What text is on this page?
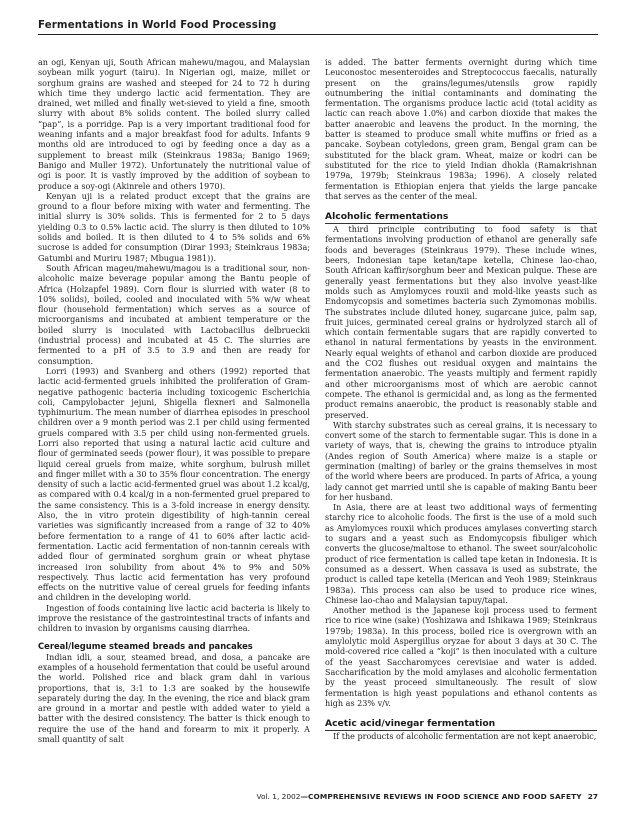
Fermentations in World Food Processing

an ogi, Kenyan uji, South African mahewu/magou, and Malaysian soybean milk yogurt (tairu). In Nigerian ogi, maize, millet or sorghum grains are washed and steeped for 24 to 72 h during which time they undergo lactic acid fermentation. They are drained, wet milled and finally wet-sieved to yield a fine, smooth slurry with about 8% solids content. The boiled slurry called “pap”, is a porridge. Pap is a very important traditional food for weaning infants and a major breakfast food for adults. Infants 9 months old are introduced to ogi by feeding once a day as a supplement to breast milk (Steinkraus 1983a; Banigo 1969; Banigo and Muller 1972). Unfortunately the nutritional value of ogi is poor. It is vastly improved by the addition of soybean to produce a soy-ogi (Akinrele and others 1970).

Kenyan uji is a related product except that the grains are ground to a flour before mixing with water and fermenting. The initial slurry is 30% solids. This is fermented for 2 to 5 days yielding 0.3 to 0.5% lactic acid. The slurry is then diluted to 10% solids and boiled. It is then diluted to 4 to 5% solids and 6% sucrose is added for consumption (Dirar 1993; Steinkraus 1983a; Gatumbi and Muriru 1987; Mbugua 1981)).

South African mageu/mahewu/magou is a traditional sour, non-alcoholic maize beverage popular among the Bantu people of Africa (Holzapfel 1989). Corn flour is slurried with water (8 to 10% solids), boiled, cooled and inoculated with 5% w/w wheat flour (household fermentation) which serves as a source of microorganisms and incubated at ambient temperature or the boiled slurry is inoculated with Lactobacillus delbrueckii (industrial process) and incubated at 45 C. The slurries are fermented to a pH of 3.5 to 3.9 and then are ready for consumption.

Lorri (1993) and Svanberg and others (1992) reported that lactic acid-fermented gruels inhibited the proliferation of Gram-negative pathogenic bacteria including toxicogenic Escherichia coli, Campylobacter jejuni, Shigella flexneri and Salmonella typhimurium. The mean number of diarrhea episodes in preschool children over a 9 month period was 2.1 per child using fermented gruels compared with 3.5 per child using non-fermented gruels. Lorri also reported that using a natural lactic acid culture and flour of germinated seeds (power flour), it was possible to prepare liquid cereal gruels from maize, white sorghum, bulrush millet and finger millet with a 30 to 35% flour concentration. The energy density of such a lactic acid-fermented gruel was about 1.2 kcal/g, as compared with 0.4 kcal/g in a non-fermented gruel prepared to the same consistency. This is a 3-fold increase in energy density. Also, the in vitro protein digestibility of high-tannin cereal varieties was significantly increased from a range of 32 to 40% before fermentation to a range of 41 to 60% after lactic acid-fermentation. Lactic acid fermentation of non-tannin cereals with added flour of germinated sorghum grain or wheat phytase increased iron solubility from about 4% to 9% and 50% respectively. Thus lactic acid fermentation has very profound effects on the nutritive value of cereal gruels for feeding infants and children in the developing world.

Ingestion of foods containing live lactic acid bacteria is likely to improve the resistance of the gastrointestinal tracts of infants and children to invasion by organisms causing diarrhea.

Cereal/legume steamed breads and pancakes

Indian idli, a sour, steamed bread, and dosa, a pancake are examples of a household fermentation that could be useful around the world. Polished rice and black gram dahl in various proportions, that is, 3:1 to 1:3 are soaked by the housewife separately during the day. In the evening, the rice and black gram are ground in a mortar and pestle with added water to yield a batter with the desired consistency. The batter is thick enough to require the use of the hand and forearm to mix it properly. A small quantity of salt

is added. The batter ferments overnight during which time Leuconostoc mesenteroides and Streptococcus faecalis, naturally present on the grains/legumes/utensils grow rapidly outnumbering the initial contaminants and dominating the fermentation. The organisms produce lactic acid (total acidity as lactic can reach above 1.0%) and carbon dioxide that makes the batter anaerobic and leavens the product. In the morning, the batter is steamed to produce small white muffins or fried as a pancake. Soybean cotyledons, green gram, Bengal gram can be substituted for the black gram. Wheat, maize or kodri can be substituted for the rice to yield Indian dhokla (Ramakrishnan 1979a, 1979b; Steinkraus 1983a; 1996). A closely related fermentation is Ethiopian enjera that yields the large pancake that serves as the center of the meal.

Alcoholic fermentations

A third principle contributing to food safety is that fermentations involving production of ethanol are generally safe foods and beverages (Steinkraus 1979). These include wines, beers, Indonesian tape ketan/tape ketella, Chinese lao-chao, South African kaffir/sorghum beer and Mexican pulque. These are generally yeast fermentations but they also involve yeast-like molds such as Amylomyces rouxii and mold-like yeasts such as Endomycopsis and sometimes bacteria such Zymomonas mobilis. The substrates include diluted honey, sugarcane juice, palm sap, fruit juices, germinated cereal grains or hydrolyzed starch all of which contain fermentable sugars that are rapidly converted to ethanol in natural fermentations by yeasts in the environment. Nearly equal weights of ethanol and carbon dioxide are produced and the CO2 flushes out residual oxygen and maintains the fermentation anaerobic. The yeasts multiply and ferment rapidly and other microorganisms most of which are aerobic cannot compete. The ethanol is germicidal and, as long as the fermented product remains anaerobic, the product is reasonably stable and preserved.

With starchy substrates such as cereal grains, it is necessary to convert some of the starch to fermentable sugar. This is done in a variety of ways, that is, chewing the grains to introduce ptyalin (Andes region of South America) where maize is a staple or germination (malting) of barley or the grains themselves in most of the world where beers are produced. In parts of Africa, a young lady cannot get married until she is capable of making Bantu beer for her husband.

In Asia, there are at least two additional ways of fermenting starchy rice to alcoholic foods. The first is the use of a mold such as Amylomyces rouxii which produces amylases converting starch to sugars and a yeast such as Endomycopsis fibuliger which converts the glucose/maltose to ethanol. The sweet sour/alcoholic product of rice fermentation is called tape ketan in Indonesia. It is consumed as a dessert. When cassava is used as substrate, the product is called tape ketella (Merican and Yeoh 1989; Steinkraus 1983a). This process can also be used to produce rice wines, Chinese lao-chao and Malaysian tapuy/tapai.

Another method is the Japanese koji process used to ferment rice to rice wine (sake) (Yoshizawa and Ishikawa 1989; Steinkraus 1979b; 1983a). In this process, boiled rice is overgrown with an amylolytic mold Aspergillus oryzae for about 3 days at 30 C. The mold-covered rice called a “koji” is then inoculated with a culture of the yeast Saccharomyces cerevisiae and water is added. Saccharification by the mold amylases and alcoholic fermentation by the yeast proceed simultaneously. The result of slow fermentation is high yeast populations and ethanol contents as high as 23% v/v.

Acetic acid/vinegar fermentation

If the products of alcoholic fermentation are not kept anaerobic,

Vol. 1, 2002—COMPREHENSIVE REVIEWS IN FOOD SCIENCE AND FOOD SAFETY 27
